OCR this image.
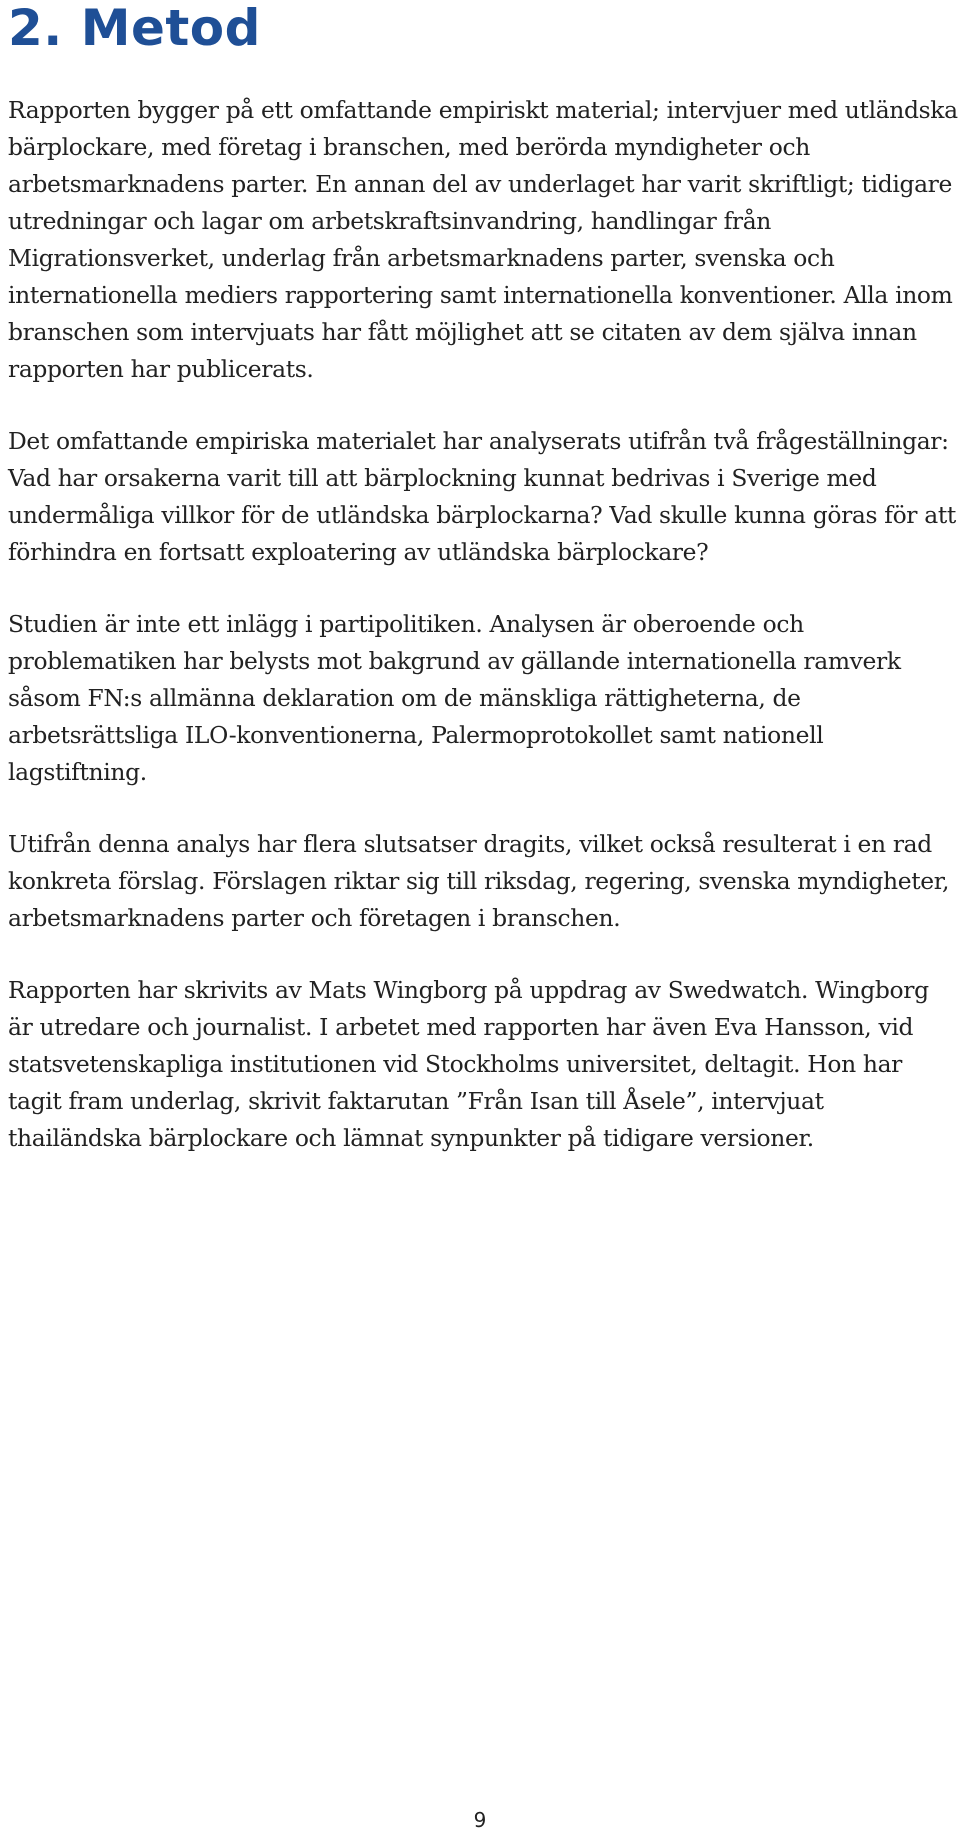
2. Metod

Rapporten bygger på ett omfattande empiriskt material; intervjuer med utländska bärplockare, med företag i branschen, med berörda myndigheter och arbetsmarknadens parter. En annan del av underlaget har varit skriftligt; tidigare utredningar och lagar om arbetskraftsinvandring, handlingar från Migrationsverket, underlag från arbetsmarknadens parter, svenska och internationella mediers rapportering samt internationella konventioner. Alla inom branschen som intervjuats har fått möjlighet att se citaten av dem själva innan rapporten har publicerats.

Det omfattande empiriska materialet har analyserats utifrån två frågeställningar: Vad har orsakerna varit till att bärplockning kunnat bedrivas i Sverige med undermåliga villkor för de utländska bärplockarna? Vad skulle kunna göras för att förhindra en fortsatt exploatering av utländska bärplockare?

Studien är inte ett inlägg i partipolitiken. Analysen är oberoende och problematiken har belysts mot bakgrund av gällande internationella ramverk såsom FN:s allmänna deklaration om de mänskliga rättigheterna, de arbetsrättsliga ILO-konventionerna, Palermoprotokollet samt nationell lagstiftning.

Utifrån denna analys har flera slutsatser dragits, vilket också resulterat i en rad konkreta förslag. Förslagen riktar sig till riksdag, regering, svenska myndigheter, arbetsmarknadens parter och företagen i branschen.

Rapporten har skrivits av Mats Wingborg på uppdrag av Swedwatch. Wingborg är utredare och journalist. I arbetet med rapporten har även Eva Hansson, vid statsvetenskapliga institutionen vid Stockholms universitet, deltagit. Hon har tagit fram underlag, skrivit faktarutan ”Från Isan till Åsele”, intervjuat thailändska bärplockare och lämnat synpunkter på tidigare versioner.

9
